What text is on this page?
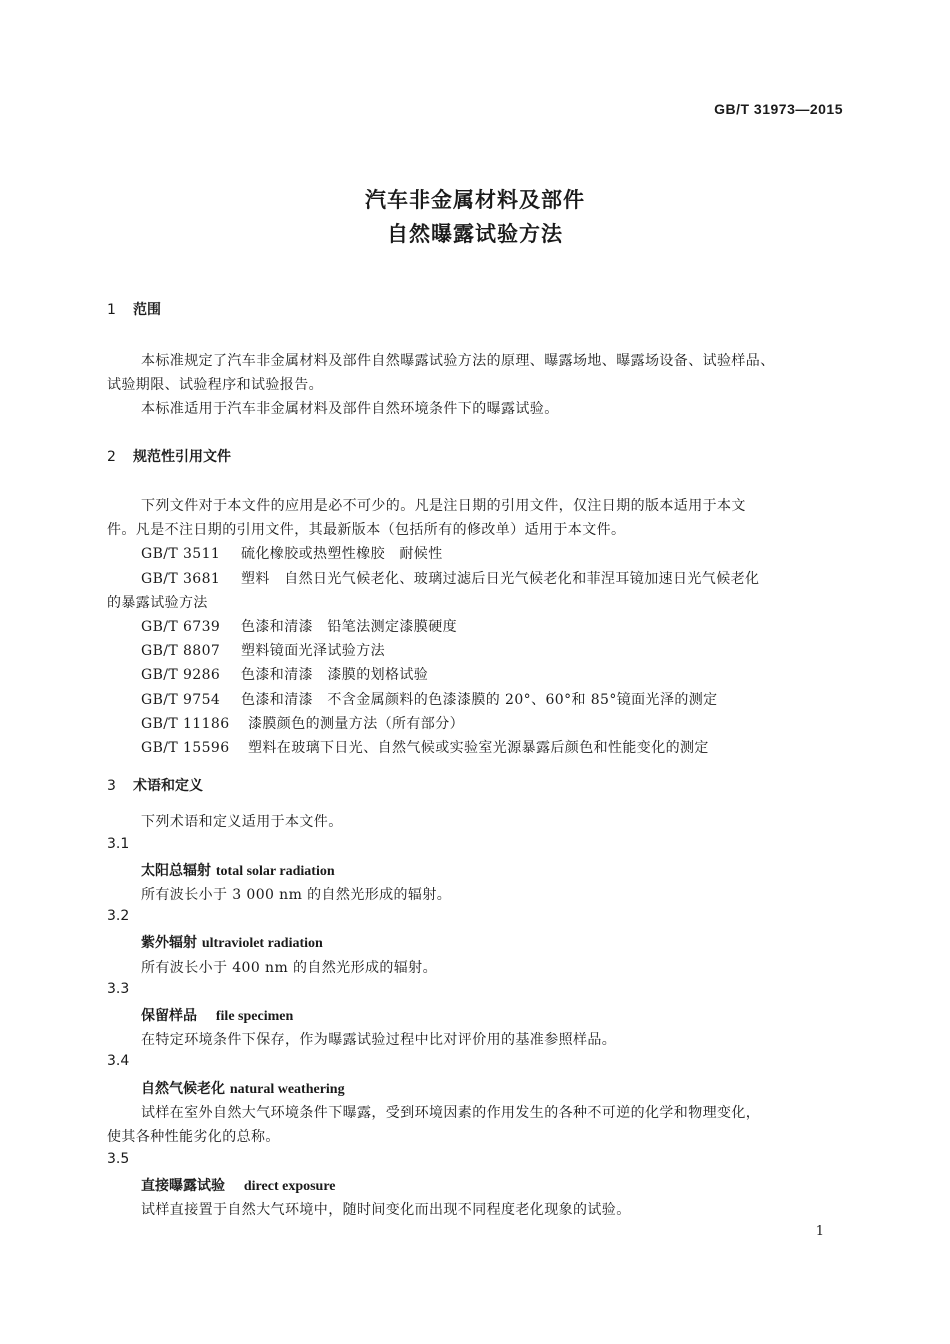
GB/T 31973—2015
汽车非金属材料及部件
自然曝露试验方法
1 范围
本标准规定了汽车非金属材料及部件自然曝露试验方法的原理、曝露场地、曝露场设备、试验样品、
试验期限、试验程序和试验报告。
本标准适用于汽车非金属材料及部件自然环境条件下的曝露试验。
2 规范性引用文件
下列文件对于本文件的应用是必不可少的。凡是注日期的引用文件，仅注日期的版本适用于本文
件。凡是不注日期的引用文件，其最新版本（包括所有的修改单）适用于本文件。
GB/T 3511 硫化橡胶或热塑性橡胶　耐候性
GB/T 3681 塑料　自然日光气候老化、玻璃过滤后日光气候老化和菲涅耳镜加速日光气候老化
的暴露试验方法
GB/T 6739 色漆和清漆　铅笔法测定漆膜硬度
GB/T 8807 塑料镜面光泽试验方法
GB/T 9286 色漆和清漆　漆膜的划格试验
GB/T 9754 色漆和清漆　不含金属颜料的色漆漆膜的 20°、60°和 85°镜面光泽的测定
GB/T 11186 漆膜颜色的测量方法（所有部分）
GB/T 15596 塑料在玻璃下日光、自然气候或实验室光源暴露后颜色和性能变化的测定
3 术语和定义
下列术语和定义适用于本文件。
3.1
太阳总辐射 total solar radiation
所有波长小于 3 000 nm 的自然光形成的辐射。
3.2
紫外辐射 ultraviolet radiation
所有波长小于 400 nm 的自然光形成的辐射。
3.3
保留样品　 file specimen
在特定环境条件下保存，作为曝露试验过程中比对评价用的基准参照样品。
3.4
自然气候老化 natural weathering
试样在室外自然大气环境条件下曝露，受到环境因素的作用发生的各种不可逆的化学和物理变化，
使其各种性能劣化的总称。
3.5
直接曝露试验　 direct exposure
试样直接置于自然大气环境中，随时间变化而出现不同程度老化现象的试验。
1
